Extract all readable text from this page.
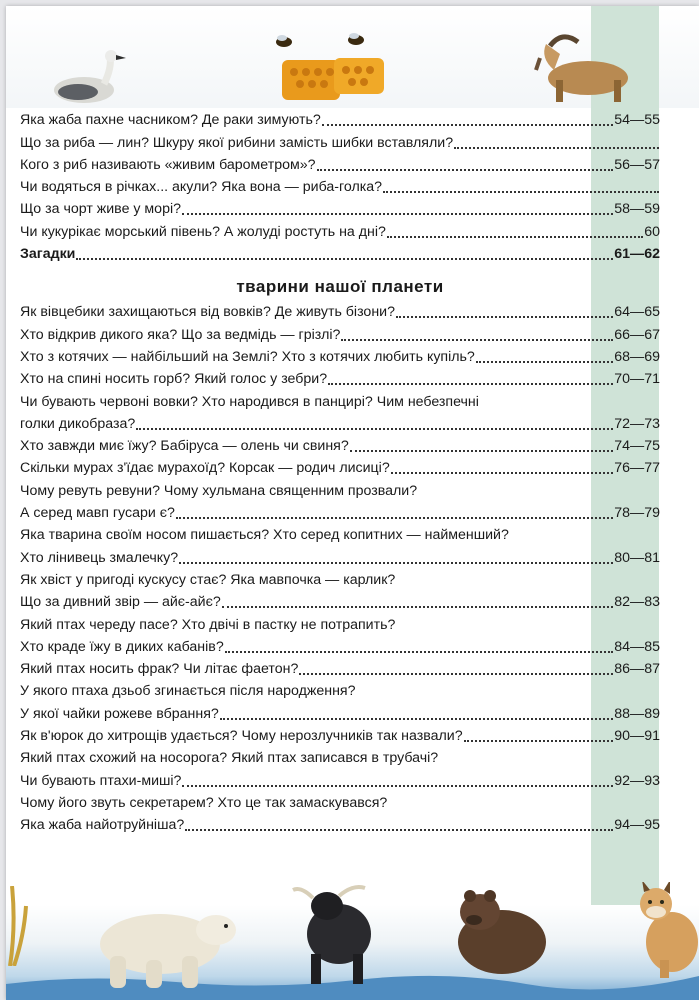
Яка жаба пахне часником? Де раки зимують?	54—55
Що за риба — лин? Шкуру якої рибини замість шибки вставляли?
Кого з риб називають «живим барометром»?	56—57
Чи водяться в річках... акули? Яка вона — риба-голка?
Що за чорт живе у морі?	58—59
Чи кукурікає морський півень? А жолуді ростуть на дні?	60
Загадки	61—62
тварини нашої планети
Як вівцебики захищаються від вовків? Де живуть бізони?	64—65
Хто відкрив дикого яка? Що за ведмідь — грізлі?	66—67
Хто з котячих — найбільший на Землі? Хто з котячих любить купіль?	68—69
Хто на спині носить горб? Який голос у зебри?	70—71
Чи бувають червоні вовки? Хто народився в панцирі? Чим небезпечні
голки дикобраза?	72—73
Хто завжди миє їжу? Бабіруса — олень чи свиня?	74—75
Скільки мурах з'їдає мурахоїд? Корсак — родич лисиці?	76—77
Чому ревуть ревуни? Чому хульмана священним прозвали?
А серед мавп гусари є?	78—79
Яка тварина своїм носом пишається? Хто серед копитних — найменший?
Хто лінивець змалечку?	80—81
Як хвіст у пригоді кускусу стає? Яка мавпочка — карлик?
Що за дивний звір — айє-айє?	82—83
Який птах череду пасе? Хто двічі в пастку не потрапить?
Хто краде їжу в диких кабанів?	84—85
Який птах носить фрак? Чи літає фаетон?	86—87
У якого птаха дзьоб згинається після народження?
У якої чайки рожеве вбрання?	88—89
Як в'юрок до хитрощів удається? Чому нерозлучників так назвали?	90—91
Який птах схожий на носорога? Який птах записався в трубачі?
Чи бувають птахи-миші?	92—93
Чому його звуть секретарем? Хто це так замаскувався?
Яка жаба найотруйніша?	94—95
